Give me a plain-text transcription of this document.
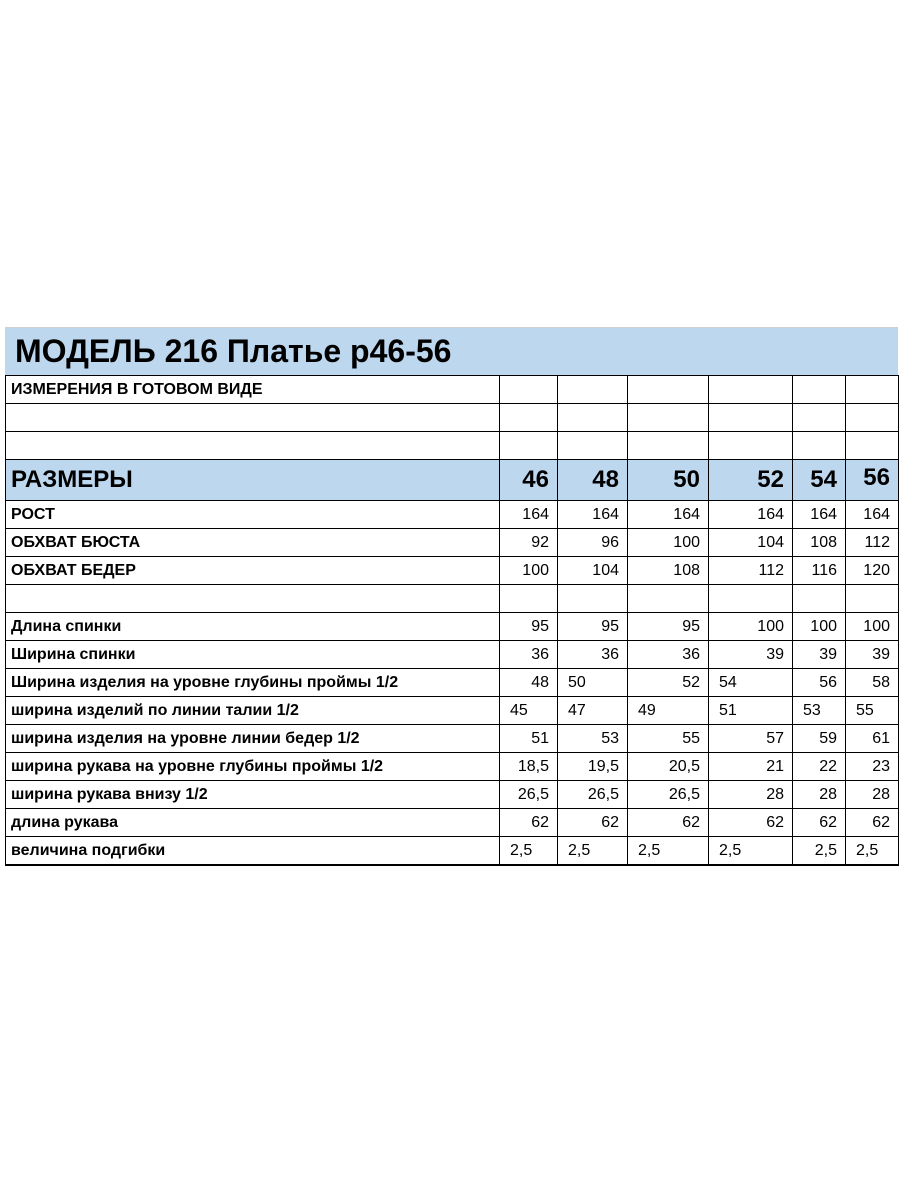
МОДЕЛЬ 216 Платье р46-56
ИЗМЕРЕНИЯ В ГОТОВОМ ВИДЕ						

РАЗМЕРЫ	46	48	50	52	54	56
РОСТ	164	164	164	164	164	164
ОБХВАТ БЮСТА	92	96	100	104	108	112
ОБХВАТ БЕДЕР	100	104	108	112	116	120

Длина спинки	95	95	95	100	100	100
Ширина спинки	36	36	36	39	39	39
Ширина изделия на уровне глубины проймы 1/2	48	50	52	54	56	58
ширина изделий по линии талии 1/2	45	47	49	51	53	55
ширина изделия на уровне линии бедер 1/2	51	53	55	57	59	61
ширина рукава на уровне глубины проймы 1/2	18,5	19,5	20,5	21	22	23
ширина рукава внизу 1/2	26,5	26,5	26,5	28	28	28
длина рукава	62	62	62	62	62	62
величина подгибки	2,5	2,5	2,5	2,5	2,5	2,5
